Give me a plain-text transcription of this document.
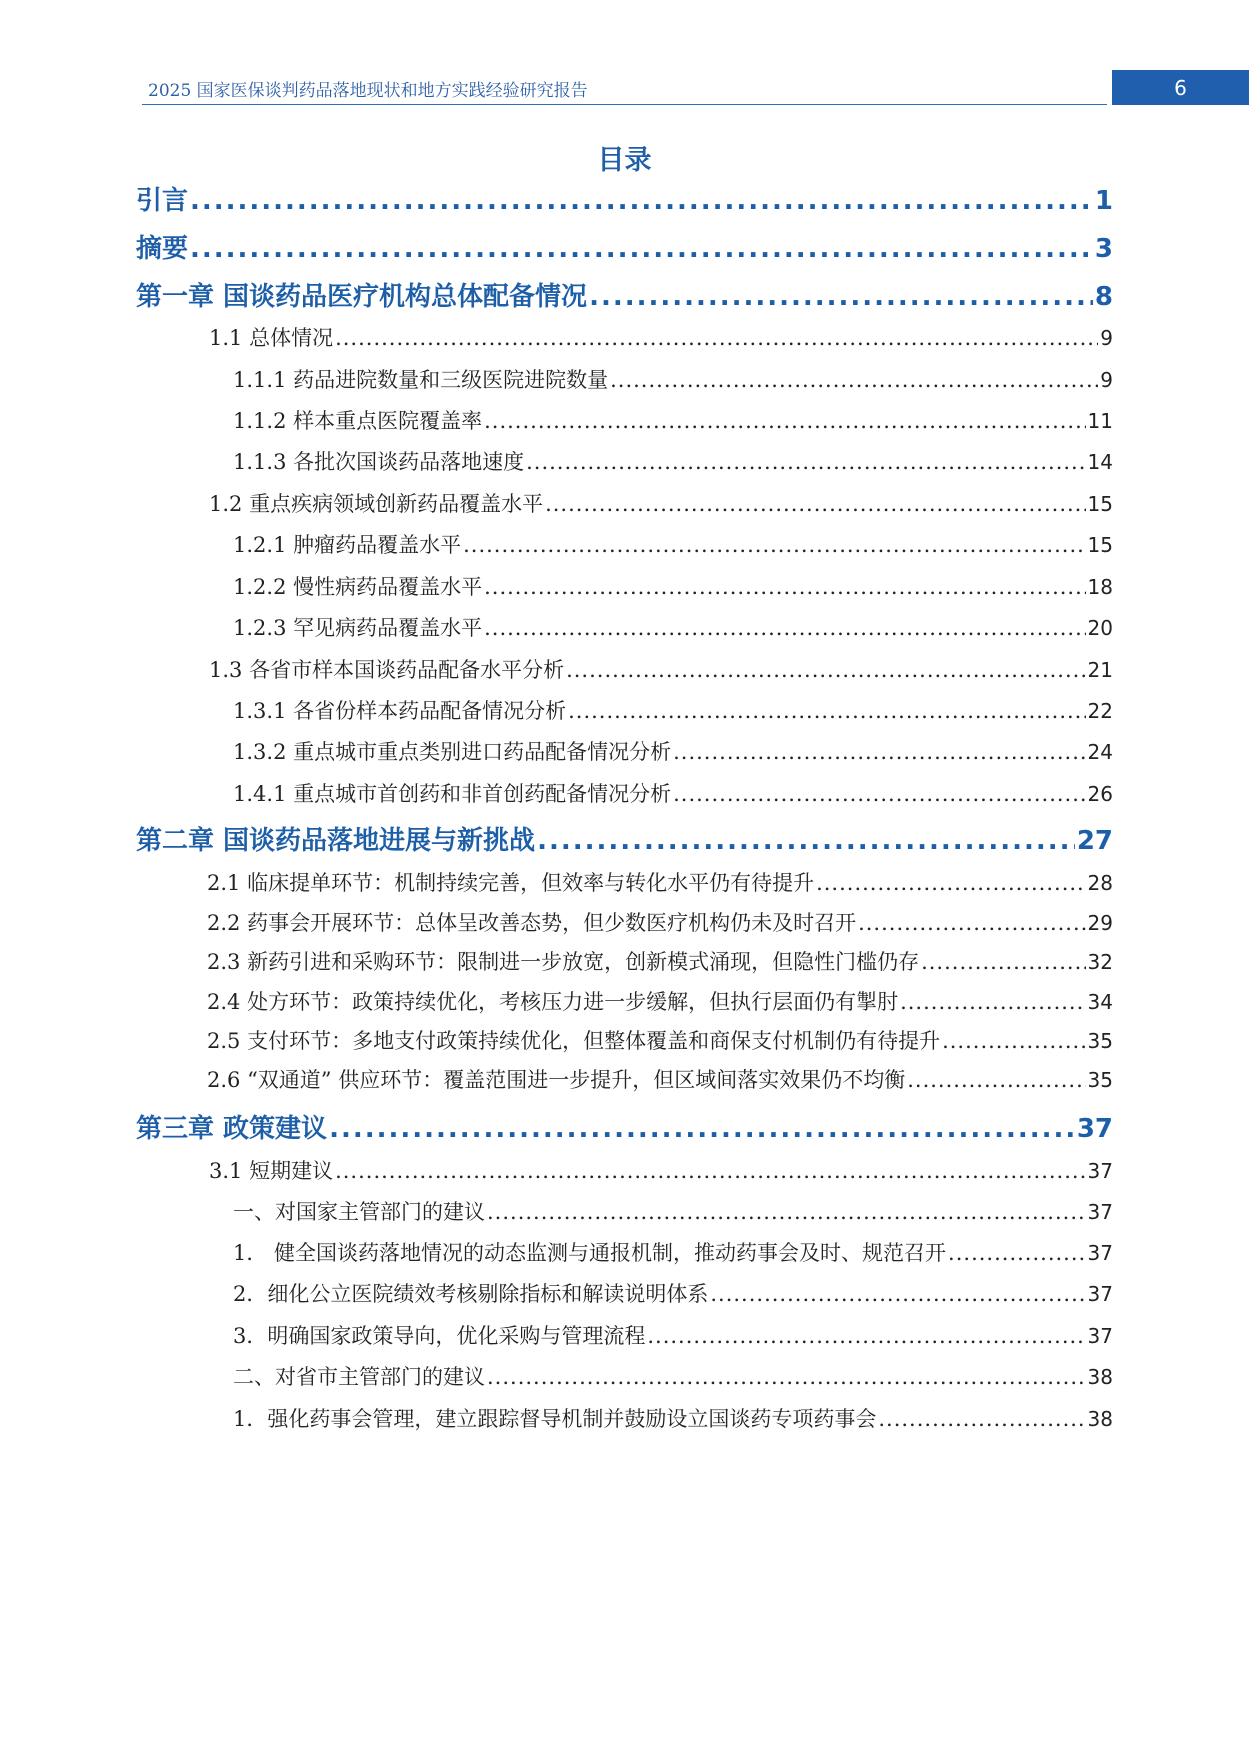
2025 国家医保谈判药品落地现状和地方实践经验研究报告	6
目录
引言 .....	1
摘要 .....	3
第一章 国谈药品医疗机构总体配备情况 .....	8
1.1 总体情况 .....	9
1.1.1 药品进院数量和三级医院进院数量 .....	9
1.1.2 样本重点医院覆盖率 .....	11
1.1.3 各批次国谈药品落地速度 .....	14
1.2 重点疾病领域创新药品覆盖水平 .....	15
1.2.1 肿瘤药品覆盖水平 .....	15
1.2.2 慢性病药品覆盖水平 .....	18
1.2.3 罕见病药品覆盖水平 .....	20
1.3 各省市样本国谈药品配备水平分析 .....	21
1.3.1 各省份样本药品配备情况分析 .....	22
1.3.2 重点城市重点类别进口药品配备情况分析 .....	24
1.4.1 重点城市首创药和非首创药配备情况分析 .....	26
第二章 国谈药品落地进展与新挑战 .....	27
2.1 临床提单环节：机制持续完善，但效率与转化水平仍有待提升 .....	28
2.2 药事会开展环节：总体呈改善态势，但少数医疗机构仍未及时召开 .....	29
2.3 新药引进和采购环节：限制进一步放宽，创新模式涌现，但隐性门槛仍存 .....	32
2.4 处方环节：政策持续优化，考核压力进一步缓解，但执行层面仍有掣肘 .....	34
2.5 支付环节：多地支付政策持续优化，但整体覆盖和商保支付机制仍有待提升 .....	35
2.6 “双通道” 供应环节：覆盖范围进一步提升，但区域间落实效果仍不均衡 .....	35
第三章 政策建议 .....	37
3.1 短期建议 .....	37
一、对国家主管部门的建议 .....	37
1． 健全国谈药落地情况的动态监测与通报机制，推动药事会及时、规范召开 .....	37
2．细化公立医院绩效考核剔除指标和解读说明体系 .....	37
3．明确国家政策导向，优化采购与管理流程 .....	37
二、对省市主管部门的建议 .....	38
1．强化药事会管理，建立跟踪督导机制并鼓励设立国谈药专项药事会 .....	38
